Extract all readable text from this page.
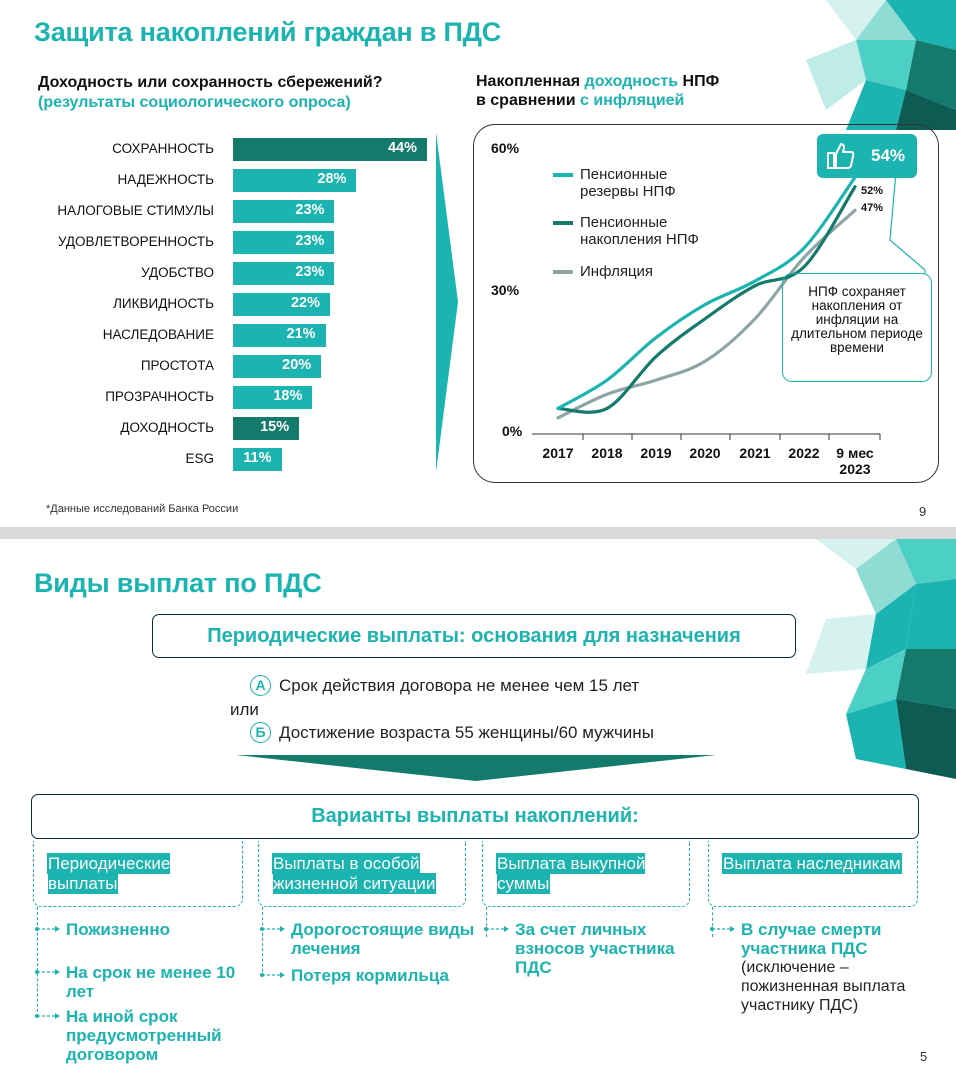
Защита накоплений граждан в ПДС
Доходность или сохранность сбережений?
(результаты социологического опроса)
СОХРАННОСТЬ	44%
НАДЕЖНОСТЬ	28%
НАЛОГОВЫЕ СТИМУЛЫ	23%
УДОВЛЕТВОРЕННОСТЬ	23%
УДОБСТВО	23%
ЛИКВИДНОСТЬ	22%
НАСЛЕДОВАНИЕ	21%
ПРОСТОТА	20%
ПРОЗРАЧНОСТЬ	18%
ДОХОДНОСТЬ	15%
ESG 11%
Накопленная доходность НПФ
в сравнении с инфляцией
0%
30%
60%
2017	2018	2019	2020	2021	2022	9 мес
2023
Пенсионные резервы НПФ
Пенсионные накопления НПФ
Инфляция
54%
52%
47%
НПФ сохраняет накопления от инфляции на длительном периоде времени
*Данные исследований Банка России	9
Виды выплат по ПДС
Периодические выплаты: основания для назначения
А Срок действия договора не менее чем 15 лет
или
Б Достижение возраста 55 женщины/60 мужчины
Варианты выплаты накоплений:
Периодические выплаты
Пожизненно
На срок не менее 10 лет
На иной срок предусмотренный договором
Выплаты в особой жизненной ситуации
Дорогостоящие виды лечения
Потеря кормильца
Выплата выкупной суммы
За счет личных взносов участника ПДС
Выплата наследникам
В случае смерти участника ПДС
(исключение – пожизненная выплата участнику ПДС)
5
